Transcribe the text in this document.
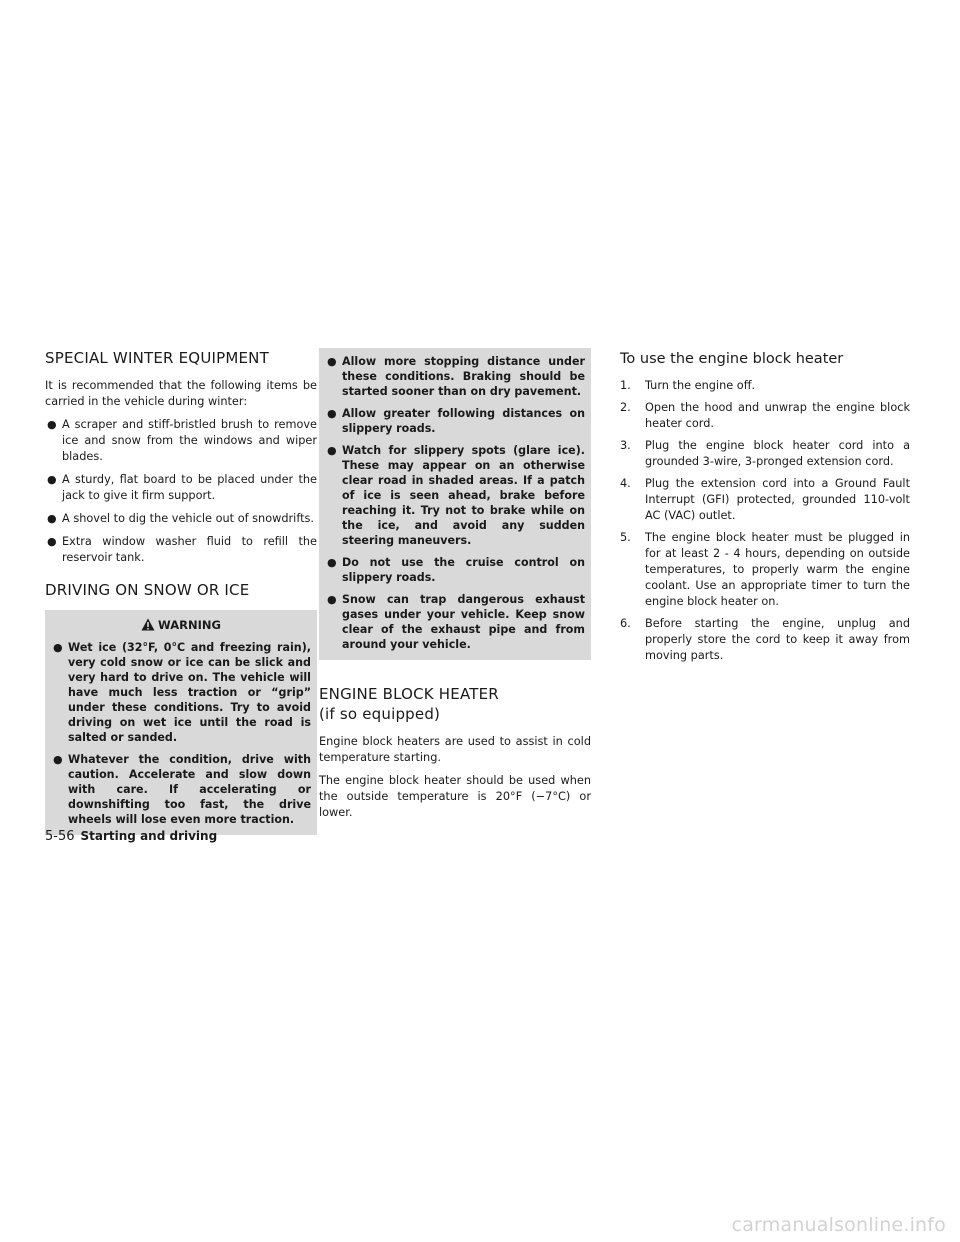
SPECIAL WINTER EQUIPMENT

It is recommended that the following items be carried in the vehicle during winter:

● A scraper and stiff-bristled brush to remove ice and snow from the windows and wiper blades.
● A sturdy, flat board to be placed under the jack to give it firm support.
● A shovel to dig the vehicle out of snowdrifts.
● Extra window washer fluid to refill the reservoir tank.
DRIVING ON SNOW OR ICE
WARNING
● Wet ice (32°F, 0°C and freezing rain), very cold snow or ice can be slick and very hard to drive on. The vehicle will have much less traction or “grip” under these conditions. Try to avoid driving on wet ice until the road is salted or sanded.
● Whatever the condition, drive with caution. Accelerate and slow down with care. If accelerating or downshifting too fast, the drive wheels will lose even more traction.
● Allow more stopping distance under these conditions. Braking should be started sooner than on dry pavement.
● Allow greater following distances on slippery roads.
● Watch for slippery spots (glare ice). These may appear on an otherwise clear road in shaded areas. If a patch of ice is seen ahead, brake before reaching it. Try not to brake while on the ice, and avoid any sudden steering maneuvers.
● Do not use the cruise control on slippery roads.
● Snow can trap dangerous exhaust gases under your vehicle. Keep snow clear of the exhaust pipe and from around your vehicle.
ENGINE BLOCK HEATER (if so equipped)

Engine block heaters are used to assist in cold temperature starting.

The engine block heater should be used when the outside temperature is 20°F (−7°C) or lower.

To use the engine block heater
1. Turn the engine off.
2. Open the hood and unwrap the engine block heater cord.
3. Plug the engine block heater cord into a grounded 3-wire, 3-pronged extension cord.
4. Plug the extension cord into a Ground Fault Interrupt (GFI) protected, grounded 110-volt AC (VAC) outlet.
5. The engine block heater must be plugged in for at least 2 - 4 hours, depending on outside temperatures, to properly warm the engine coolant. Use an appropriate timer to turn the engine block heater on.
6. Before starting the engine, unplug and properly store the cord to keep it away from moving parts.
5-56 Starting and driving
carmanualsonline.info
